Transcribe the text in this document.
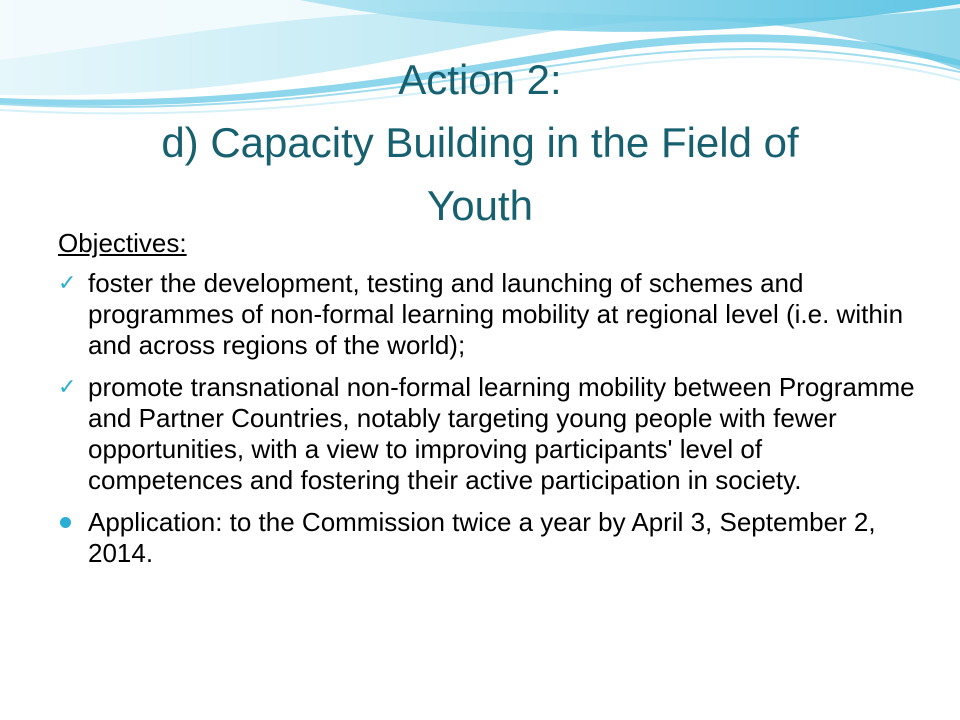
Action 2:
d) Capacity Building in the Field of
Youth
Objectives:
✓ foster the development, testing and launching of schemes and programmes of non-formal learning mobility at regional level (i.e. within and across regions of the world);
✓ promote transnational non-formal learning mobility between Programme and Partner Countries, notably targeting young people with fewer opportunities, with a view to improving participants' level of competences and fostering their active participation in society.
Application: to the Commission twice a year by April 3, September 2, 2014.
